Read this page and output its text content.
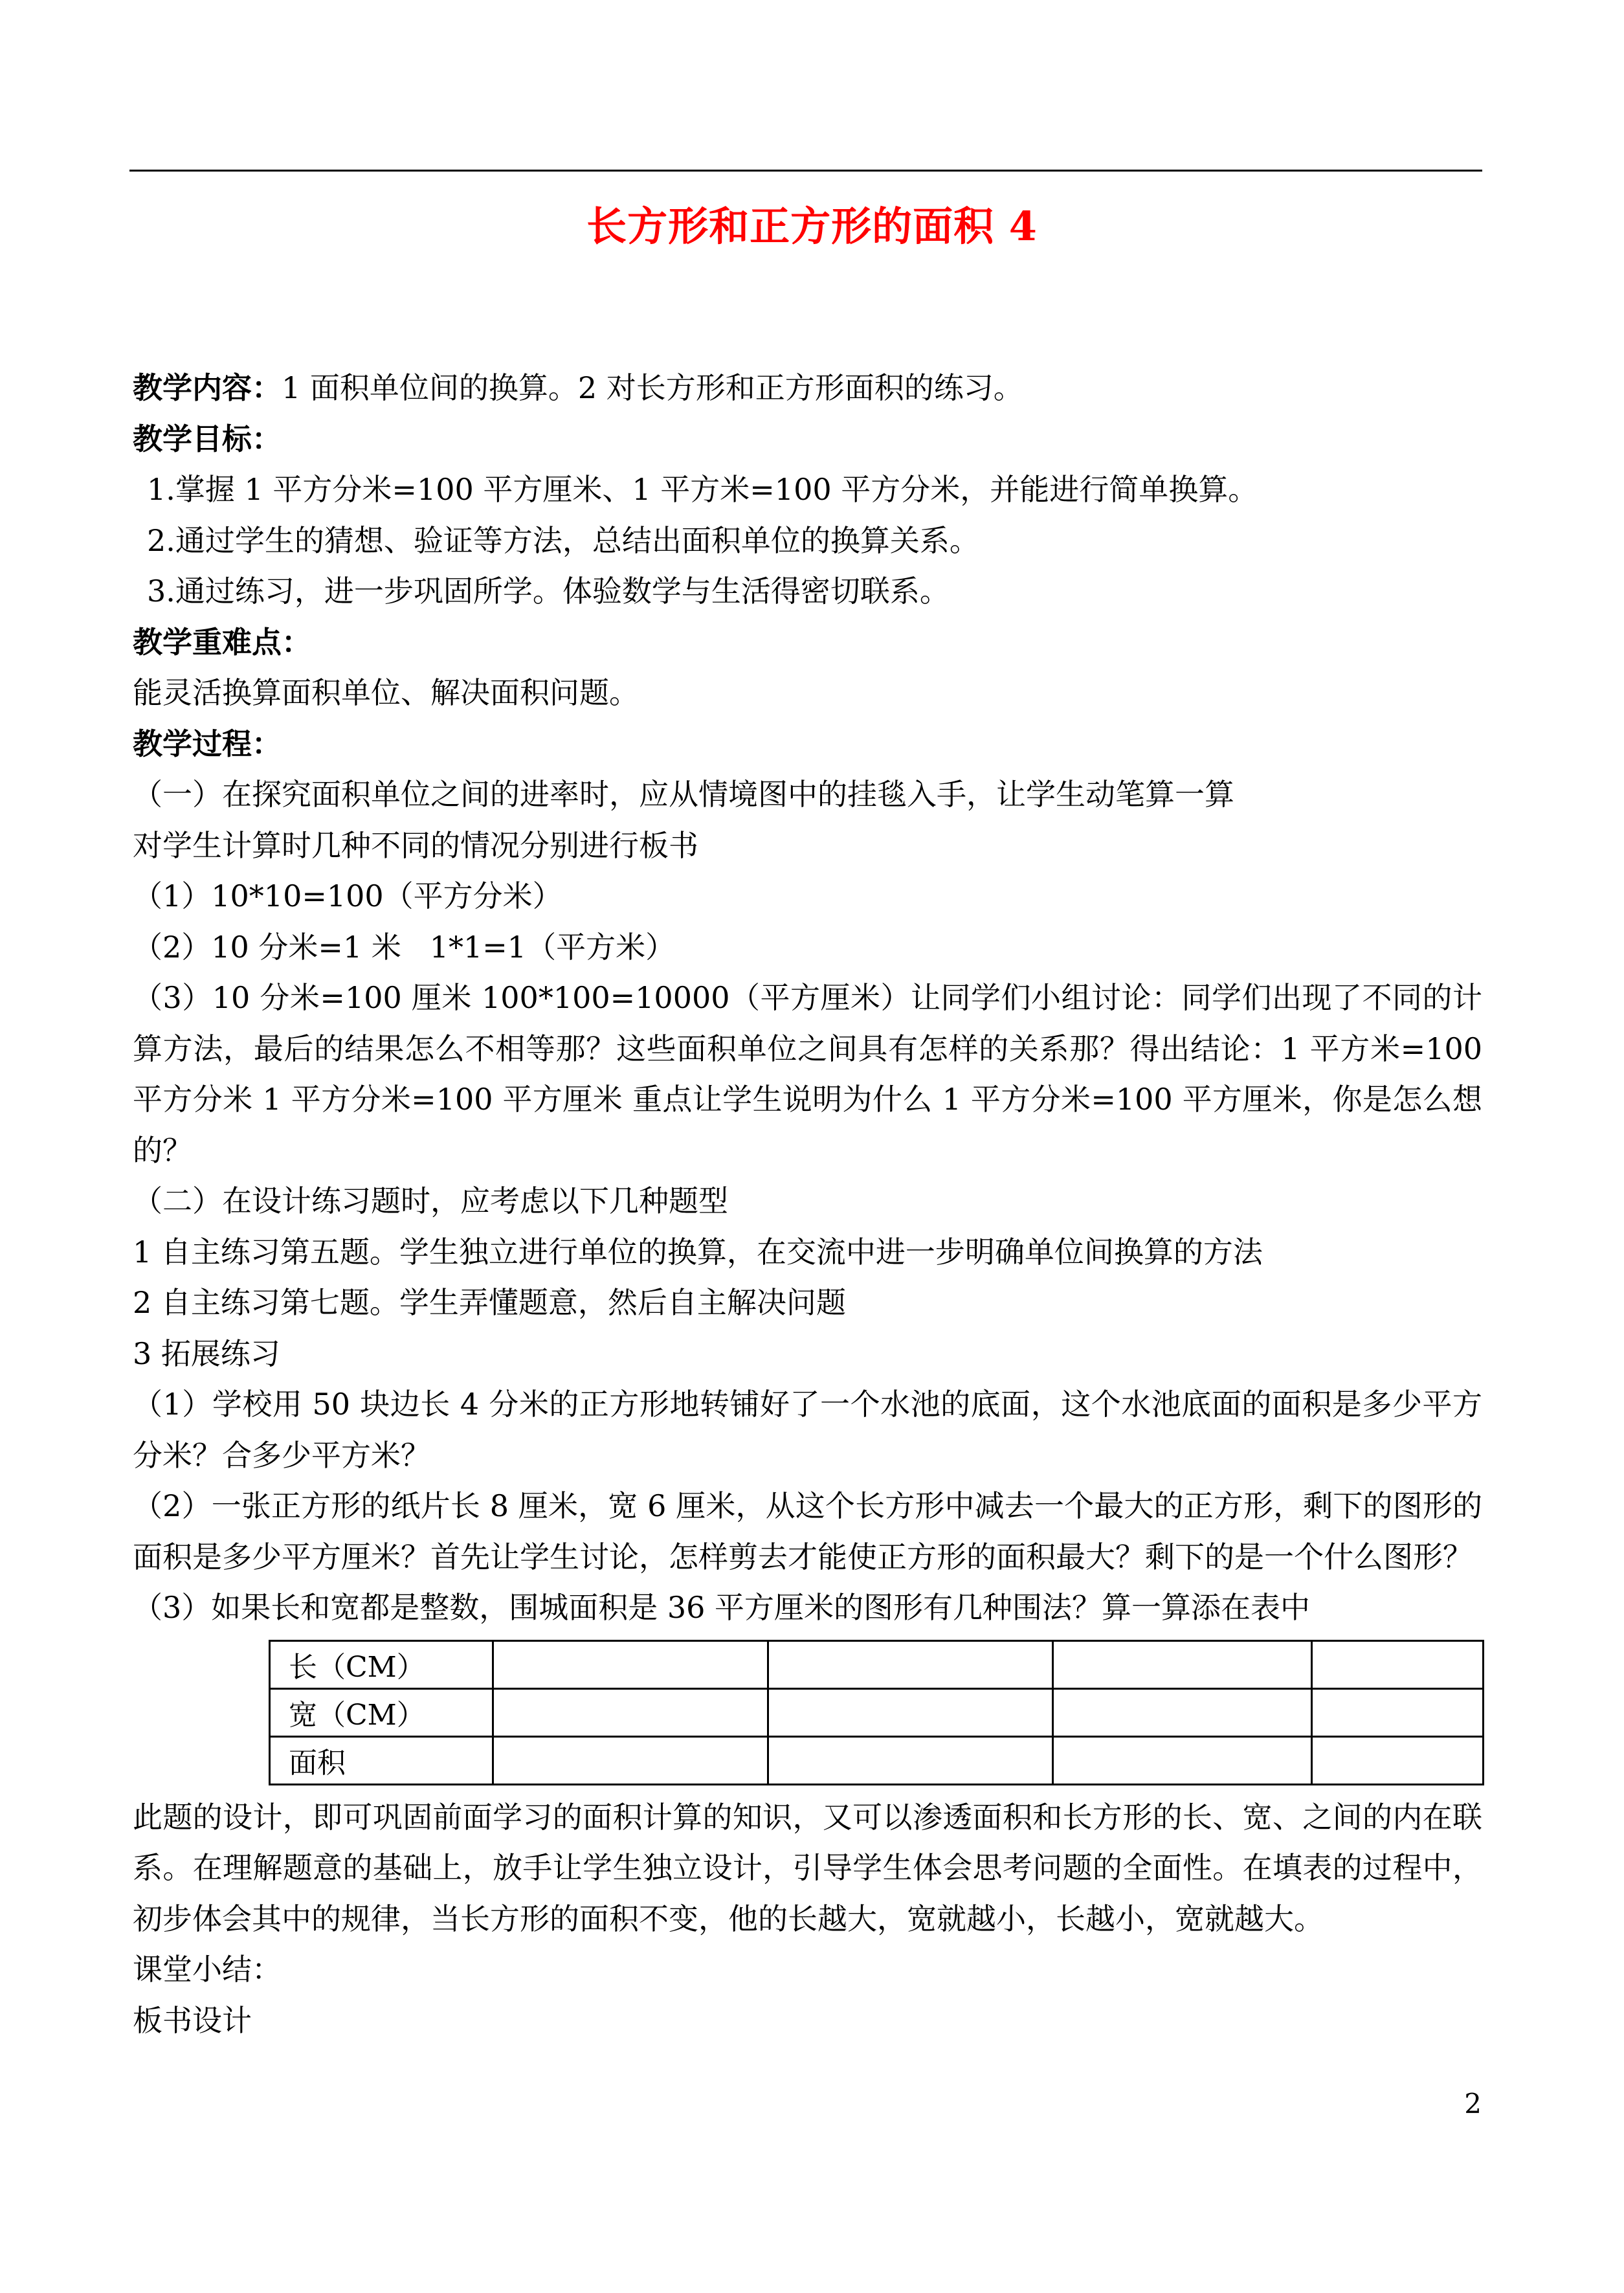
长方形和正方形的面积 4
教学内容：1 面积单位间的换算。2 对长方形和正方形面积的练习。
教学目标：
1.掌握 1 平方分米=100 平方厘米、1 平方米=100 平方分米，并能进行简单换算。
2.通过学生的猜想、验证等方法，总结出面积单位的换算关系。
3.通过练习，进一步巩固所学。体验数学与生活得密切联系。
教学重难点：
能灵活换算面积单位、解决面积问题。
教学过程：
（一）在探究面积单位之间的进率时，应从情境图中的挂毯入手，让学生动笔算一算
对学生计算时几种不同的情况分别进行板书
（1）10*10=100（平方分米）
（2）10 分米=1 米   1*1=1（平方米）
（3）10 分米=100 厘米 100*100=10000（平方厘米）让同学们小组讨论：同学们出现了不同的计算方法，最后的结果怎么不相等那？这些面积单位之间具有怎样的关系那？得出结论：1 平方米=100 平方分米 1 平方分米=100 平方厘米 重点让学生说明为什么 1 平方分米=100 平方厘米，你是怎么想的？
（二）在设计练习题时，应考虑以下几种题型
1 自主练习第五题。学生独立进行单位的换算，在交流中进一步明确单位间换算的方法
2 自主练习第七题。学生弄懂题意，然后自主解决问题
3 拓展练习
（1）学校用 50 块边长 4 分米的正方形地转铺好了一个水池的底面，这个水池底面的面积是多少平方分米？合多少平方米？
（2）一张正方形的纸片长 8 厘米，宽 6 厘米，从这个长方形中减去一个最大的正方形，剩下的图形的面积是多少平方厘米？首先让学生讨论，怎样剪去才能使正方形的面积最大？剩下的是一个什么图形？
（3）如果长和宽都是整数，围城面积是 36 平方厘米的图形有几种围法？算一算添在表中
长（CM）				
宽（CM）				
面积				
此题的设计，即可巩固前面学习的面积计算的知识，又可以渗透面积和长方形的长、宽、之间的内在联系。在理解题意的基础上，放手让学生独立设计，引导学生体会思考问题的全面性。在填表的过程中，初步体会其中的规律，当长方形的面积不变，他的长越大，宽就越小，长越小，宽就越大。
课堂小结：
板书设计
2
